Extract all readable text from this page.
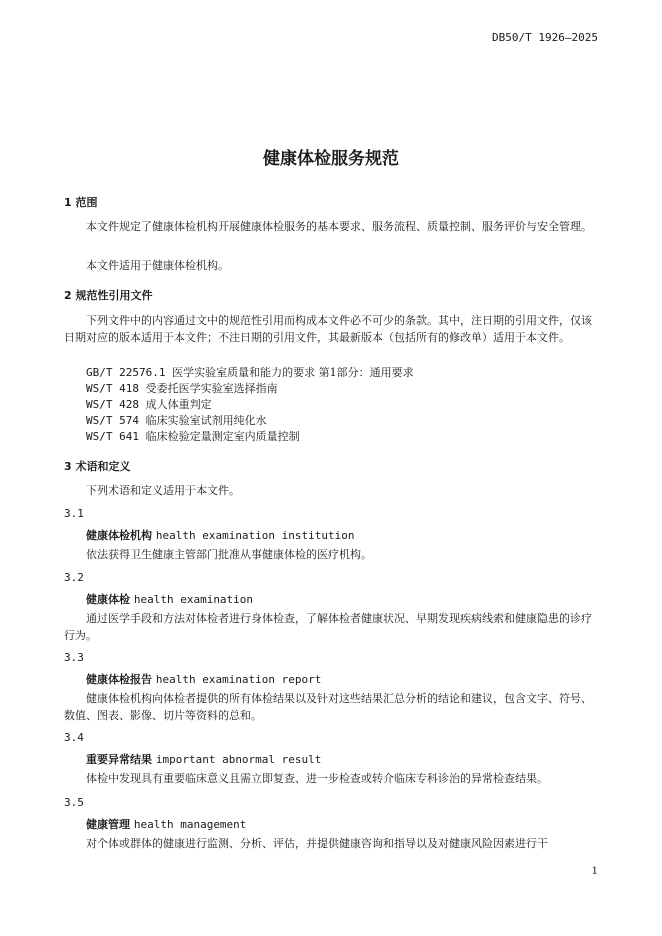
DB50/T 1926—2025
健康体检服务规范
1 范围
本文件规定了健康体检机构开展健康体检服务的基本要求、服务流程、质量控制、服务评价与安全管理。
本文件适用于健康体检机构。
2 规范性引用文件
下列文件中的内容通过文中的规范性引用而构成本文件必不可少的条款。其中，注日期的引用文件，仅该日期对应的版本适用于本文件；不注日期的引用文件，其最新版本（包括所有的修改单）适用于本文件。
GB/T 22576.1 医学实验室质量和能力的要求 第1部分：通用要求
WS/T 418 受委托医学实验室选择指南
WS/T 428 成人体重判定
WS/T 574 临床实验室试剂用纯化水
WS/T 641 临床检验定量测定室内质量控制
3 术语和定义
下列术语和定义适用于本文件。
3.1
健康体检机构 health examination institution
依法获得卫生健康主管部门批准从事健康体检的医疗机构。
3.2
健康体检 health examination
通过医学手段和方法对体检者进行身体检查，了解体检者健康状况、早期发现疾病线索和健康隐患的诊疗行为。
3.3
健康体检报告 health examination report
健康体检机构向体检者提供的所有体检结果以及针对这些结果汇总分析的结论和建议，包含文字、符号、数值、图表、影像、切片等资料的总和。
3.4
重要异常结果 important abnormal result
体检中发现具有重要临床意义且需立即复查、进一步检查或转介临床专科诊治的异常检查结果。
3.5
健康管理 health management
对个体或群体的健康进行监测、分析、评估，并提供健康咨询和指导以及对健康风险因素进行干
1
